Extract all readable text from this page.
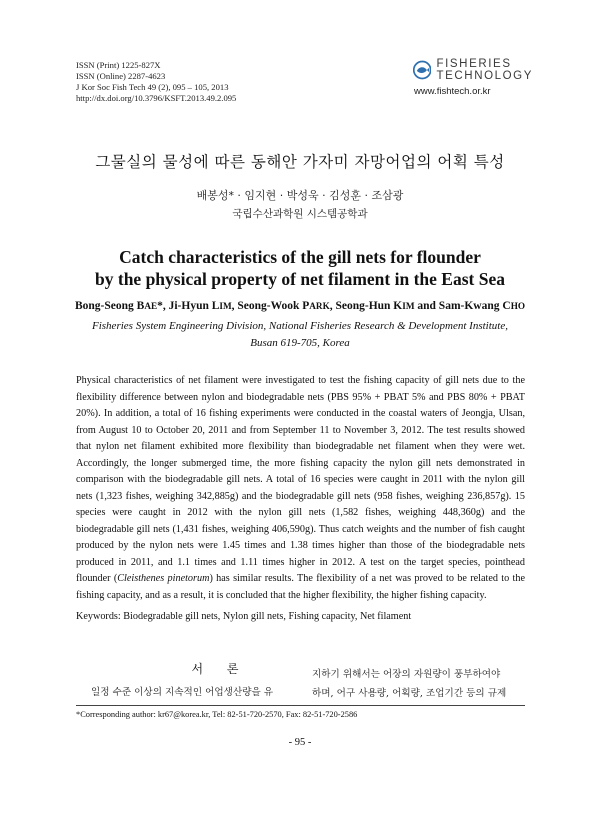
ISSN (Print) 1225-827X
ISSN (Online) 2287-4623
J Kor Soc Fish Tech 49 (2), 095 – 105, 2013
http://dx.doi.org/10.3796/KSFT.2013.49.2.095
FISHERIES
TECHNOLOGY
www.fishtech.or.kr
그물실의 물성에 따른 동해안 가자미 자망어업의 어획 특성
배봉성* · 임지현 · 박성욱 · 김성훈 · 조삼광
국립수산과학원 시스템공학과
Catch characteristics of the gill nets for flounder
by the physical property of net filament in the East Sea
Bong-Seong BAE*, Ji-Hyun LIM, Seong-Wook PARK, Seong-Hun KIM and Sam-Kwang CHO
Fisheries System Engineering Division, National Fisheries Research & Development Institute,
Busan 619-705, Korea

Physical characteristics of net filament were investigated to test the fishing capacity of gill nets due to the
flexibility difference between nylon and biodegradable nets (PBS 95% + PBAT 5% and PBS 80% + PBAT
20%). In addition, a total of 16 fishing experiments were conducted in the coastal waters of Jeongja, Ulsan,
from August 10 to October 20, 2011 and from September 11 to November 3, 2012. The test results showed
that nylon net filament exhibited more flexibility than biodegradable net filament when they were wet.
Accordingly, the longer submerged time, the more fishing capacity the nylon gill nets demonstrated in
comparison with the biodegradable gill nets. A total of 16 species were caught in 2011 with the nylon gill
nets (1,323 fishes, weighing 342,885g) and the biodegradable gill nets (958 fishes, weighing 236,857g). 15
species were caught in 2012 with the nylon gill nets (1,582 fishes, weighing 448,360g) and the
biodegradable gill nets (1,431 fishes, weighing 406,590g). Thus catch weights and the number of fish caught
produced by the nylon nets were 1.45 times and 1.38 times higher than those of the biodegradable nets
produced in 2011, and 1.1 times and 1.11 times higher in 2012. A test on the target species, pointhead
flounder (Cleisthenes pinetorum) has similar results. The flexibility of a net was proved to be related to the
fishing capacity, and as a result, it is concluded that the higher flexibility, the higher fishing capacity.

Keywords: Biodegradable gill nets, Nylon gill nets, Fishing capacity, Net filament
서 론
일정 수준 이상의 지속적인 어업생산량을 유
지하기 위해서는 어장의 자원량이 풍부하여야
하며, 어구 사용량, 어획량, 조업기간 등의 규제
*Corresponding author: kr67@korea.kr, Tel: 82-51-720-2570, Fax: 82-51-720-2586
- 95 -
